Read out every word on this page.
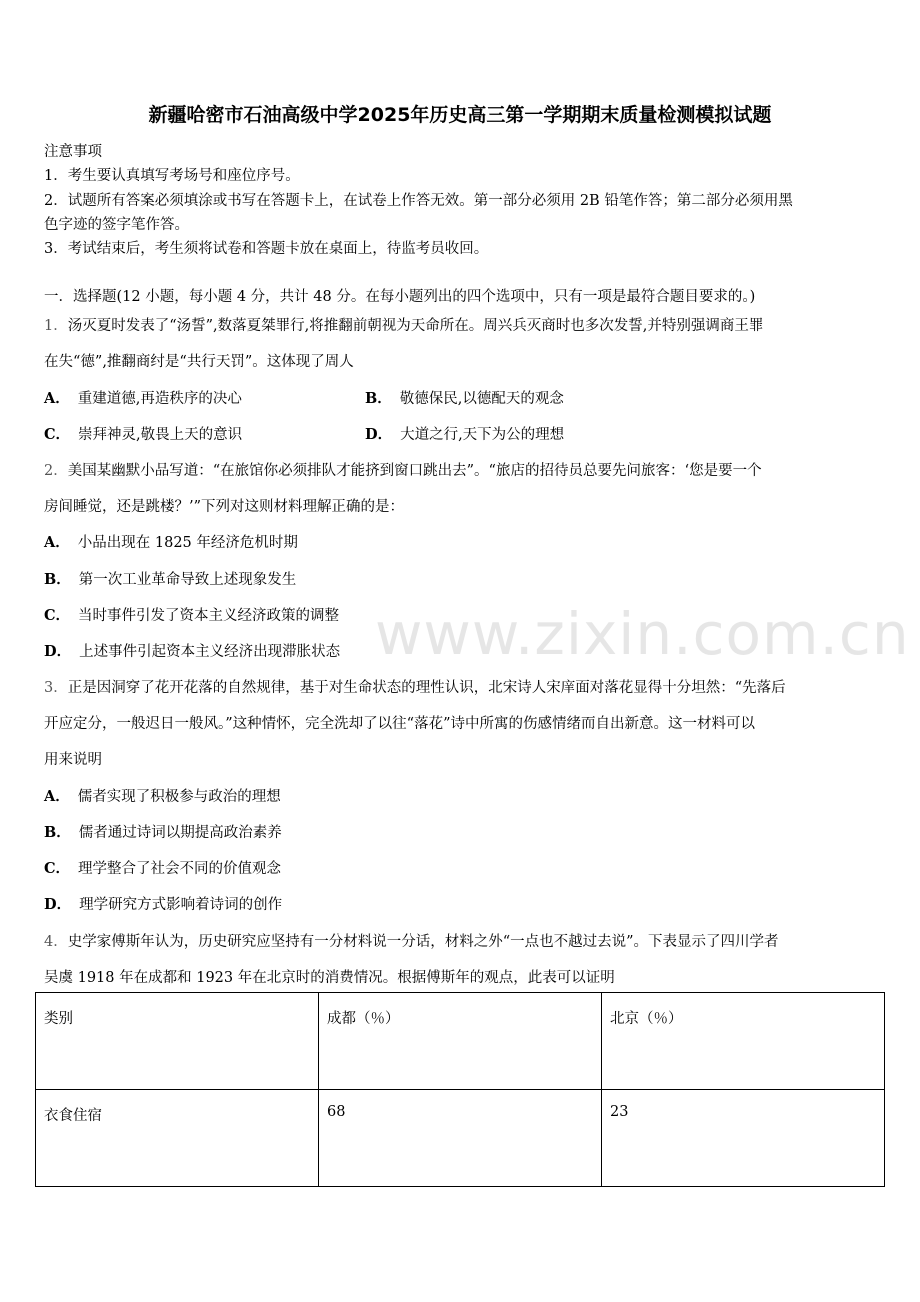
www.zixin.com.cn
新疆哈密市石油高级中学2025年历史高三第一学期期末质量检测模拟试题
注意事项
1．考生要认真填写考场号和座位序号。
2．试题所有答案必须填涂或书写在答题卡上，在试卷上作答无效。第一部分必须用 2B 铅笔作答；第二部分必须用黑
色字迹的签字笔作答。
3．考试结束后，考生须将试卷和答题卡放在桌面上，待监考员收回。
一．选择题(12 小题，每小题 4 分，共计 48 分。在每小题列出的四个选项中，只有一项是最符合题目要求的。)
1．汤灭夏时发表了“汤誓”,数落夏桀罪行,将推翻前朝视为天命所在。周兴兵灭商时也多次发誓,并特别强调商王罪
在失“德”,推翻商纣是“共行天罚”。这体现了周人
A． 重建道德,再造秩序的决心	B． 敬德保民,以德配天的观念
C． 崇拜神灵,敬畏上天的意识	D． 大道之行,天下为公的理想
2．美国某幽默小品写道：“在旅馆你必须排队才能挤到窗口跳出去”。“旅店的招待员总要先问旅客：‘您是要一个
房间睡觉，还是跳楼？’”下列对这则材料理解正确的是：
A． 小品出现在 1825 年经济危机时期
B． 第一次工业革命导致上述现象发生
C． 当时事件引发了资本主义经济政策的调整
D． 上述事件引起资本主义经济出现滞胀状态
3．正是因洞穿了花开花落的自然规律，基于对生命状态的理性认识，北宋诗人宋庠面对落花显得十分坦然：“先落后
开应定分，一般迟日一般风。”这种情怀，完全洗却了以往“落花”诗中所寓的伤感情绪而自出新意。这一材料可以
用来说明
A． 儒者实现了积极参与政治的理想
B． 儒者通过诗词以期提高政治素养
C． 理学整合了社会不同的价值观念
D． 理学研究方式影响着诗词的创作
4．史学家傅斯年认为，历史研究应坚持有一分材料说一分话，材料之外“一点也不越过去说”。下表显示了四川学者
吴虞 1918 年在成都和 1923 年在北京时的消费情况。根据傅斯年的观点，此表可以证明
类别	成都（％）	北京（％）
衣食住宿	68	23
